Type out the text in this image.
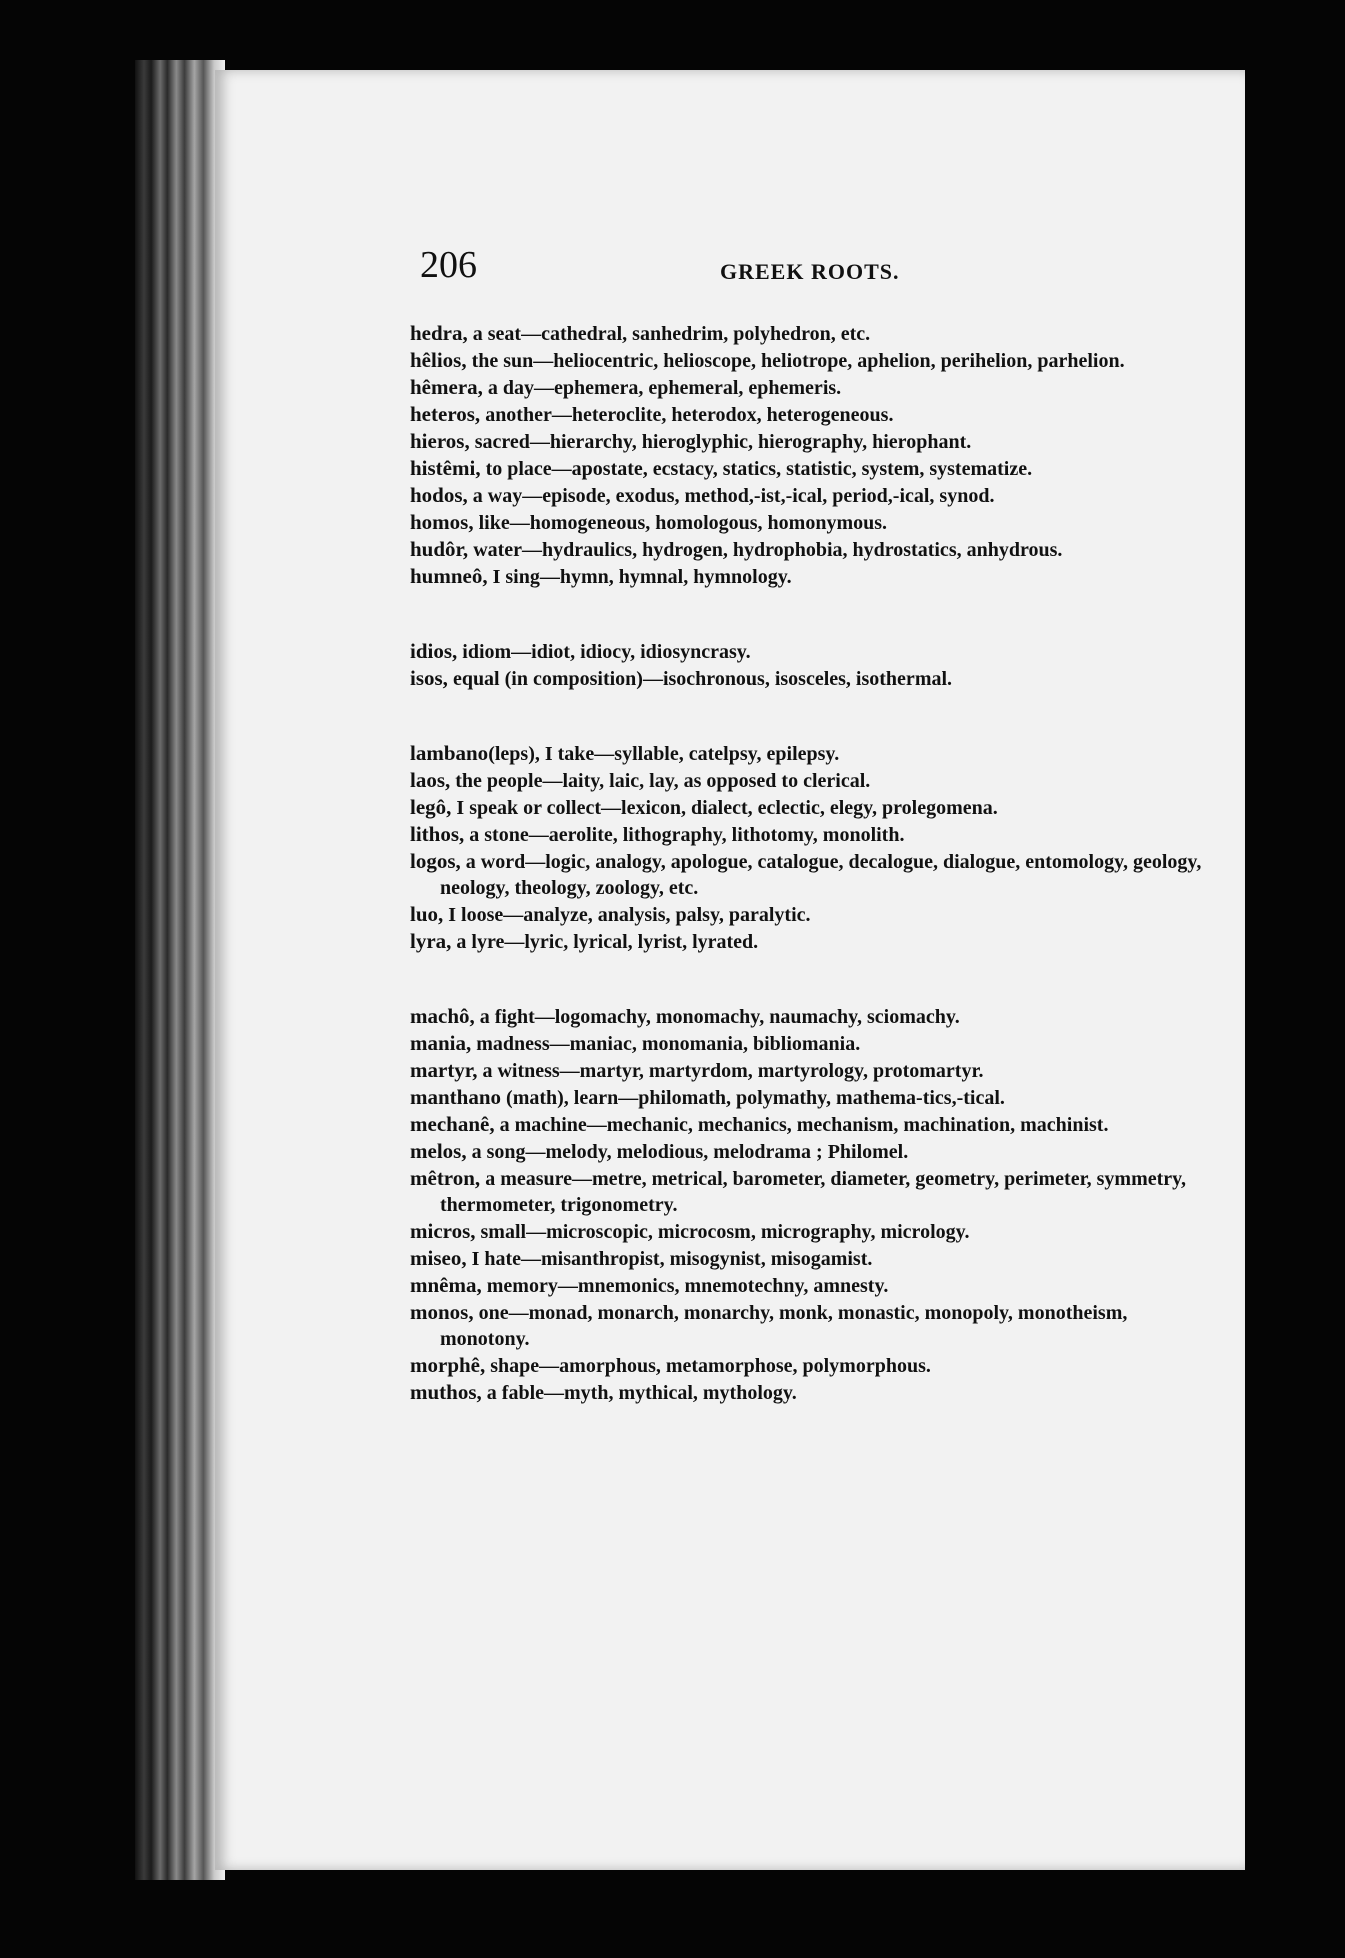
206	GREEK ROOTS.

hedra, a seat—cathedral, sanhedrim, polyhedron, etc.

hêlios, the sun—heliocentric, helioscope, heliotrope, aphelion, perihelion, parhelion.

hêmera, a day—ephemera, ephemeral, ephemeris.

heteros, another—heteroclite, heterodox, heterogeneous.

hieros, sacred—hierarchy, hieroglyphic, hierography, hierophant.

histêmi, to place—apostate, ecstacy, statics, statistic, system, systematize.

hodos, a way—episode, exodus, method,-ist,-ical, period,-ical, synod.

homos, like—homogeneous, homologous, homonymous.

hudôr, water—hydraulics, hydrogen, hydrophobia, hydrostatics, anhydrous.

humneô, I sing—hymn, hymnal, hymnology.

idios, idiom—idiot, idiocy, idiosyncrasy.

isos, equal (in composition)—isochronous, isosceles, isothermal.

lambano(leps), I take—syllable, catelpsy, epilepsy.

laos, the people—laity, laic, lay, as opposed to clerical.

legô, I speak or collect—lexicon, dialect, eclectic, elegy, prolegomena.

lithos, a stone—aerolite, lithography, lithotomy, monolith.

logos, a word—logic, analogy, apologue, catalogue, decalogue, dialogue, entomology, geology, neology, theology, zoology, etc.

luo, I loose—analyze, analysis, palsy, paralytic.

lyra, a lyre—lyric, lyrical, lyrist, lyrated.

machô, a fight—logomachy, monomachy, naumachy, sciomachy.

mania, madness—maniac, monomania, bibliomania.

martyr, a witness—martyr, martyrdom, martyrology, protomartyr.

manthano (math), learn—philomath, polymathy, mathema-tics,-tical.

mechanê, a machine—mechanic, mechanics, mechanism, machination, machinist.

melos, a song—melody, melodious, melodrama ; Philomel.

mêtron, a measure—metre, metrical, barometer, diameter, geometry, perimeter, symmetry, thermometer, trigonometry.

micros, small—microscopic, microcosm, micrography, micrology.

miseo, I hate—misanthropist, misogynist, misogamist.

mnêma, memory—mnemonics, mnemotechny, amnesty.

monos, one—monad, monarch, monarchy, monk, monastic, monopoly, monotheism, monotony.

morphê, shape—amorphous, metamorphose, polymorphous.

muthos, a fable—myth, mythical, mythology.
